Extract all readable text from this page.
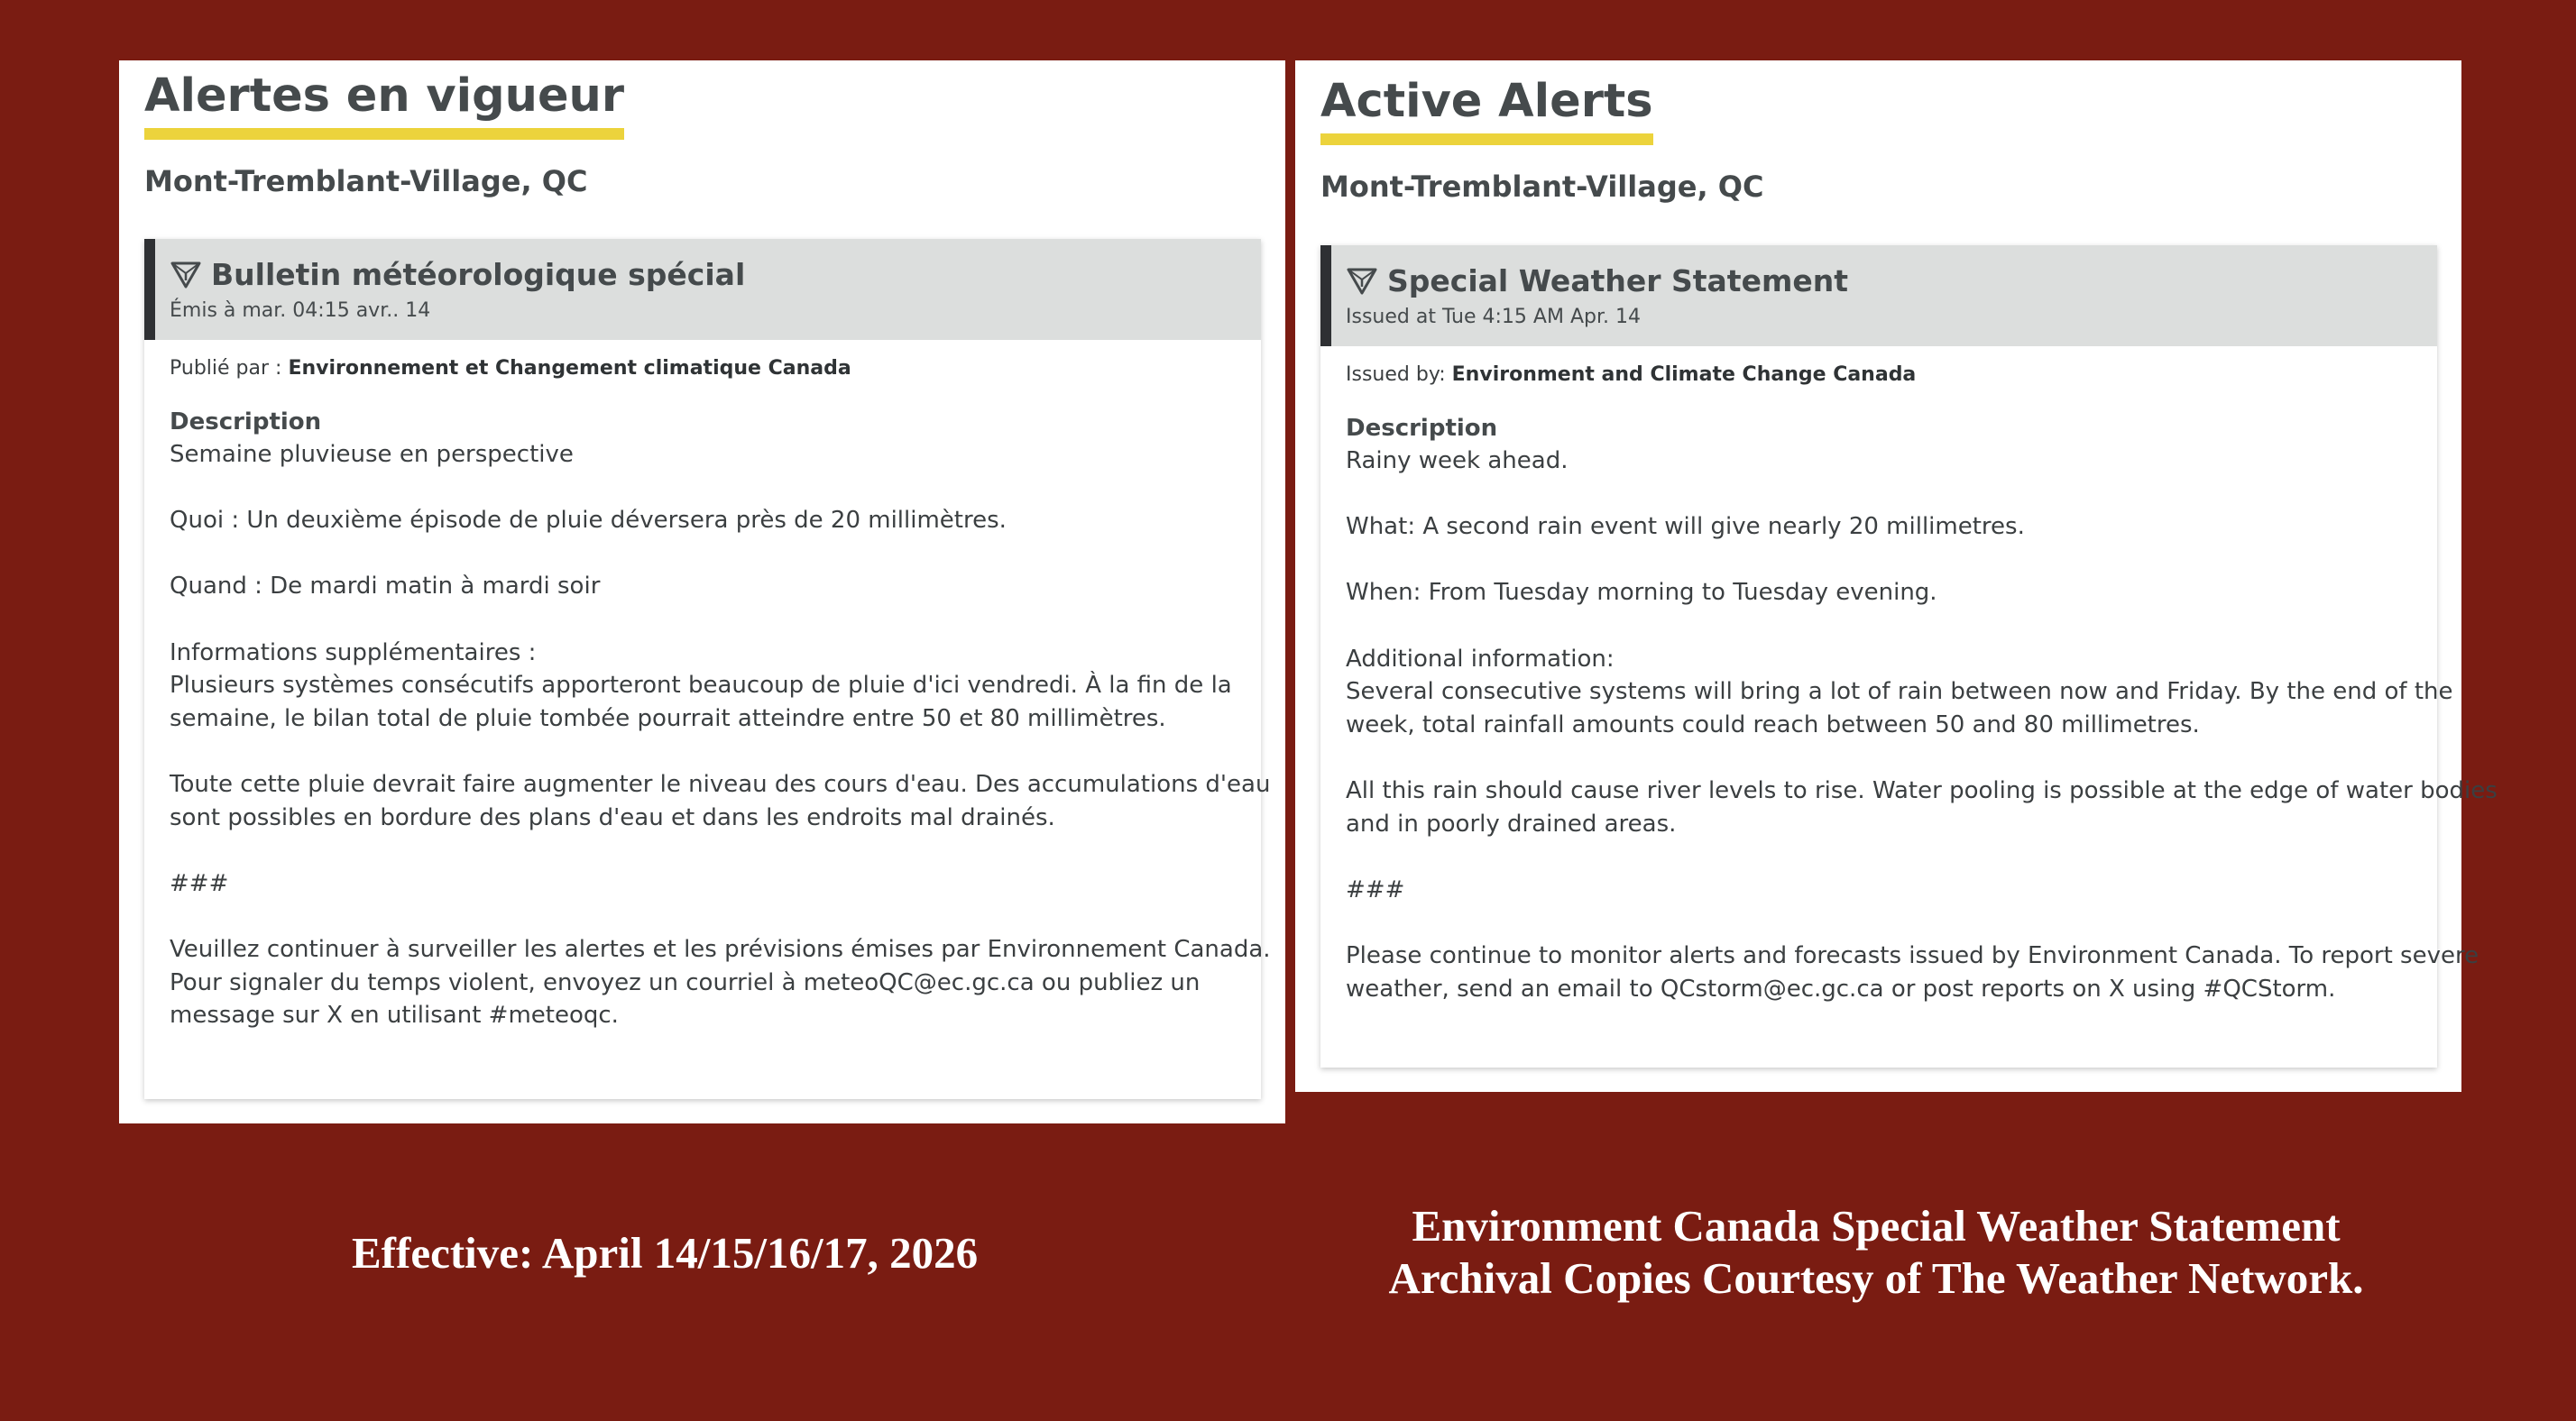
Alertes en vigueur
Mont-Tremblant-Village, QC
Bulletin météorologique spécial
Émis à mar. 04:15 avr.. 14
Publié par : Environnement et Changement climatique Canada
Description
Semaine pluvieuse en perspective
Quoi : Un deuxième épisode de pluie déversera près de 20 millimètres.
Quand : De mardi matin à mardi soir
Informations supplémentaires :
Plusieurs systèmes consécutifs apporteront beaucoup de pluie d'ici vendredi. À la fin de la
semaine, le bilan total de pluie tombée pourrait atteindre entre 50 et 80 millimètres.
Toute cette pluie devrait faire augmenter le niveau des cours d'eau. Des accumulations d'eau
sont possibles en bordure des plans d'eau et dans les endroits mal drainés.
###
Veuillez continuer à surveiller les alertes et les prévisions émises par Environnement Canada.
Pour signaler du temps violent, envoyez un courriel à meteoQC@ec.gc.ca ou publiez un
message sur X en utilisant #meteoqc.
Active Alerts
Mont-Tremblant-Village, QC
Special Weather Statement
Issued at Tue 4:15 AM Apr. 14
Issued by: Environment and Climate Change Canada
Description
Rainy week ahead.
What: A second rain event will give nearly 20 millimetres.
When: From Tuesday morning to Tuesday evening.
Additional information:
Several consecutive systems will bring a lot of rain between now and Friday. By the end of the
week, total rainfall amounts could reach between 50 and 80 millimetres.
All this rain should cause river levels to rise. Water pooling is possible at the edge of water bodies
and in poorly drained areas.
###
Please continue to monitor alerts and forecasts issued by Environment Canada. To report severe
weather, send an email to QCstorm@ec.gc.ca or post reports on X using #QCStorm.
Effective: April 14/15/16/17, 2026
Environment Canada Special Weather Statement
Archival Copies Courtesy of The Weather Network.
